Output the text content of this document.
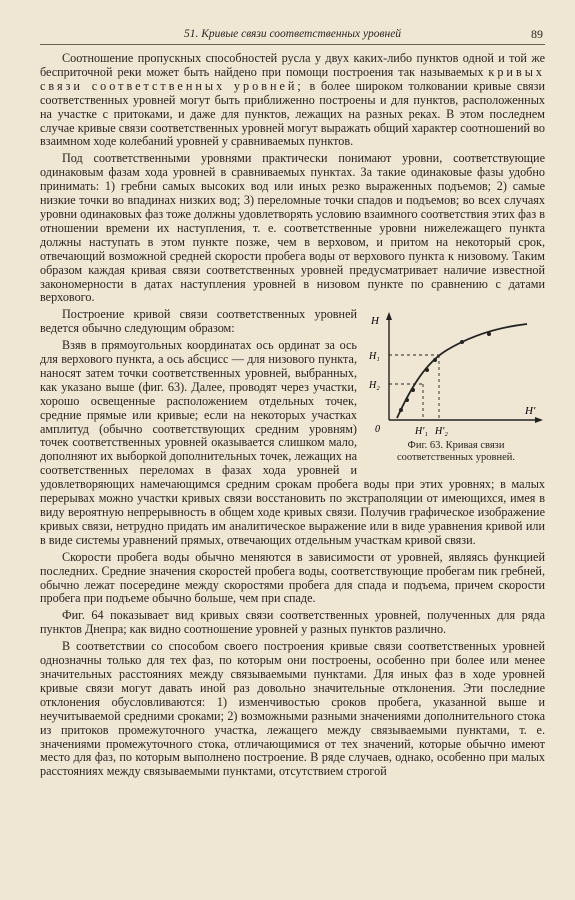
51. Кривые связи соответственных уровней	89

Соотношение пропускных способностей русла у двух каких-либо пунктов одной и той же бесприточной реки может быть найдено при помощи построения так называемых кривых связи соответственных уровней; в более широком толковании кривые связи соответственных уровней могут быть приближенно построены и для пунктов, расположенных на участке с притоками, и даже для пунктов, лежащих на разных реках. В этом последнем случае кривые связи соответственных уровней могут выражать общий характер соотношений во взаимном ходе колебаний уровней у сравниваемых пунктов.

Под соответственными уровнями практически понимают уровни, соответствующие одинаковым фазам хода уровней в сравниваемых пунктах. За такие одинаковые фазы удобно принимать: 1) гребни самых высоких вод или иных резко выраженных подъемов; 2) самые низкие точки во впадинах низких вод; 3) переломные точки спадов и подъемов; во всех случаях уровни одинаковых фаз тоже должны удовлетворять условию взаимного соответствия этих фаз в отношении времени их наступления, т. е. соответственные уровни нижележащего пункта должны наступать в этом пункте позже, чем в верховом, и притом на некоторый срок, отвечающий возможной средней скорости пробега воды от верхового пункта к низовому. Таким образом каждая кривая связи соответственных уровней предусматривает наличие известной закономерности в датах наступления уровней в низовом пункте по сравнению с датами верхового.

H
H₁
H₂
0	H′₁ H′₂
H′
Фиг. 63. Кривая связи соответственных уровней.

Построение кривой связи соответственных уровней ведется обычно следующим образом:

Взяв в прямоугольных координатах ось ординат за ось для верхового пункта, а ось абсцисс — для низового пункта, наносят затем точки соответственных уровней, выбранных, как указано выше (фиг. 63). Далее, проводят через участки, хорошо освещенные расположением отдельных точек, средние прямые или кривые; если на некоторых участках амплитуд (обычно соответствующих средним уровням) точек соответственных уровней оказывается слишком мало, дополняют их выборкой дополнительных точек, лежащих на соответственных переломах в фазах хода уровней и удовлетворяющих намечающимся средним срокам пробега воды при этих уровнях; в малых перерывах можно участки кривых связи восстановить по экстраполяции от имеющихся, имея в виду вероятную непрерывность в общем ходе кривых связи. Получив графическое изображение кривых связи, нетрудно придать им аналитическое выражение или в виде уравнения кривой или в виде системы уравнений прямых, отвечающих отдельным участкам кривой связи.

Скорости пробега воды обычно меняются в зависимости от уровней, являясь функцией последних. Средние значения скоростей пробега воды, соответствующие пробегам пик гребней, обычно лежат посередине между скоростями пробега для спада и подъема, причем скорости пробега при подъеме обычно больше, чем при спаде.

Фиг. 64 показывает вид кривых связи соответственных уровней, полученных для ряда пунктов Днепра; как видно соотношение уровней у разных пунктов различно.

В соответствии со способом своего построения кривые связи соответственных уровней однозначны только для тех фаз, по которым они построены, особенно при более или менее значительных расстояниях между связываемыми пунктами. Для иных фаз в ходе уровней кривые связи могут давать иной раз довольно значительные отклонения. Эти последние отклонения обусловливаются: 1) изменчивостью сроков пробега, указанной выше и неучитываемой средними сроками; 2) возможными разными значениями дополнительного стока из притоков промежуточного участка, лежащего между связываемыми пунктами, т. е. значениями промежуточного стока, отличающимися от тех значений, которые обычно имеют место для фаз, по которым выполнено построение. В ряде случаев, однако, особенно при малых расстояниях между связываемыми пунктами, отсутствием строгой
